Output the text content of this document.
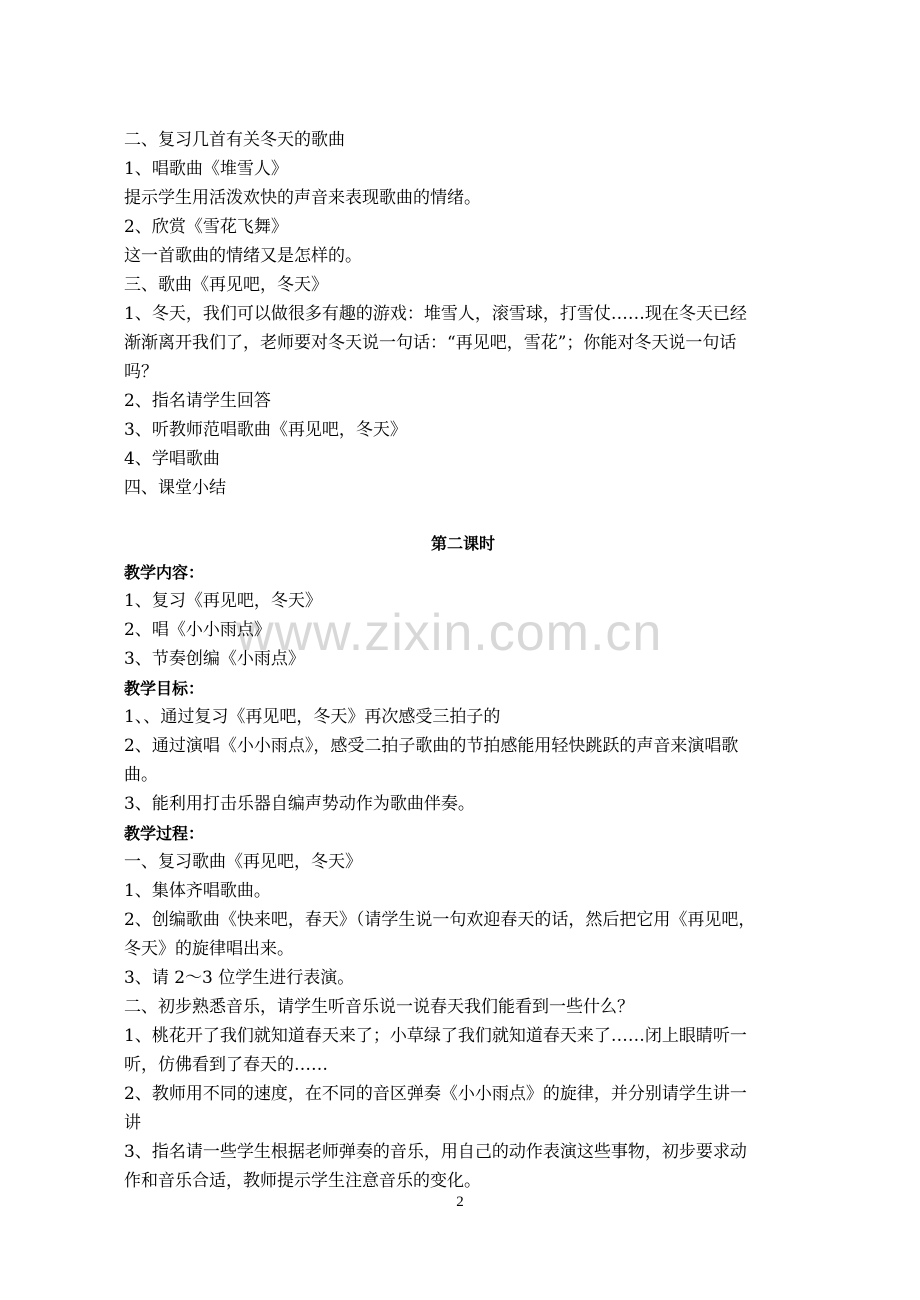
www.zixin.com.cn
二、复习几首有关冬天的歌曲
1、唱歌曲《堆雪人》
提示学生用活泼欢快的声音来表现歌曲的情绪。
2、欣赏《雪花飞舞》
这一首歌曲的情绪又是怎样的。
三、歌曲《再见吧，冬天》
1、冬天，我们可以做很多有趣的游戏：堆雪人，滚雪球，打雪仗……现在冬天已经
渐渐离开我们了，老师要对冬天说一句话：“再见吧，雪花”；你能对冬天说一句话
吗？
2、指名请学生回答
3、听教师范唱歌曲《再见吧，冬天》
4、学唱歌曲
四、课堂小结
第二课时
教学内容：
1、复习《再见吧，冬天》
2、唱《小小雨点》
3、节奏创编《小雨点》
教学目标：
1、、通过复习《再见吧，冬天》再次感受三拍子的
2、通过演唱《小小雨点》，感受二拍子歌曲的节拍感能用轻快跳跃的声音来演唱歌
曲。
3、能利用打击乐器自编声势动作为歌曲伴奏。
教学过程：
一、复习歌曲《再见吧，冬天》
1、集体齐唱歌曲。
2、创编歌曲《快来吧，春天》（请学生说一句欢迎春天的话，然后把它用《再见吧，
冬天》的旋律唱出来。
3、请 2～3 位学生进行表演。
二、初步熟悉音乐，请学生听音乐说一说春天我们能看到一些什么？
1、桃花开了我们就知道春天来了；小草绿了我们就知道春天来了……闭上眼睛听一
听，仿佛看到了春天的……
2、教师用不同的速度，在不同的音区弹奏《小小雨点》的旋律，并分别请学生讲一
讲
3、指名请一些学生根据老师弹奏的音乐，用自己的动作表演这些事物，初步要求动
作和音乐合适，教师提示学生注意音乐的变化。
2
